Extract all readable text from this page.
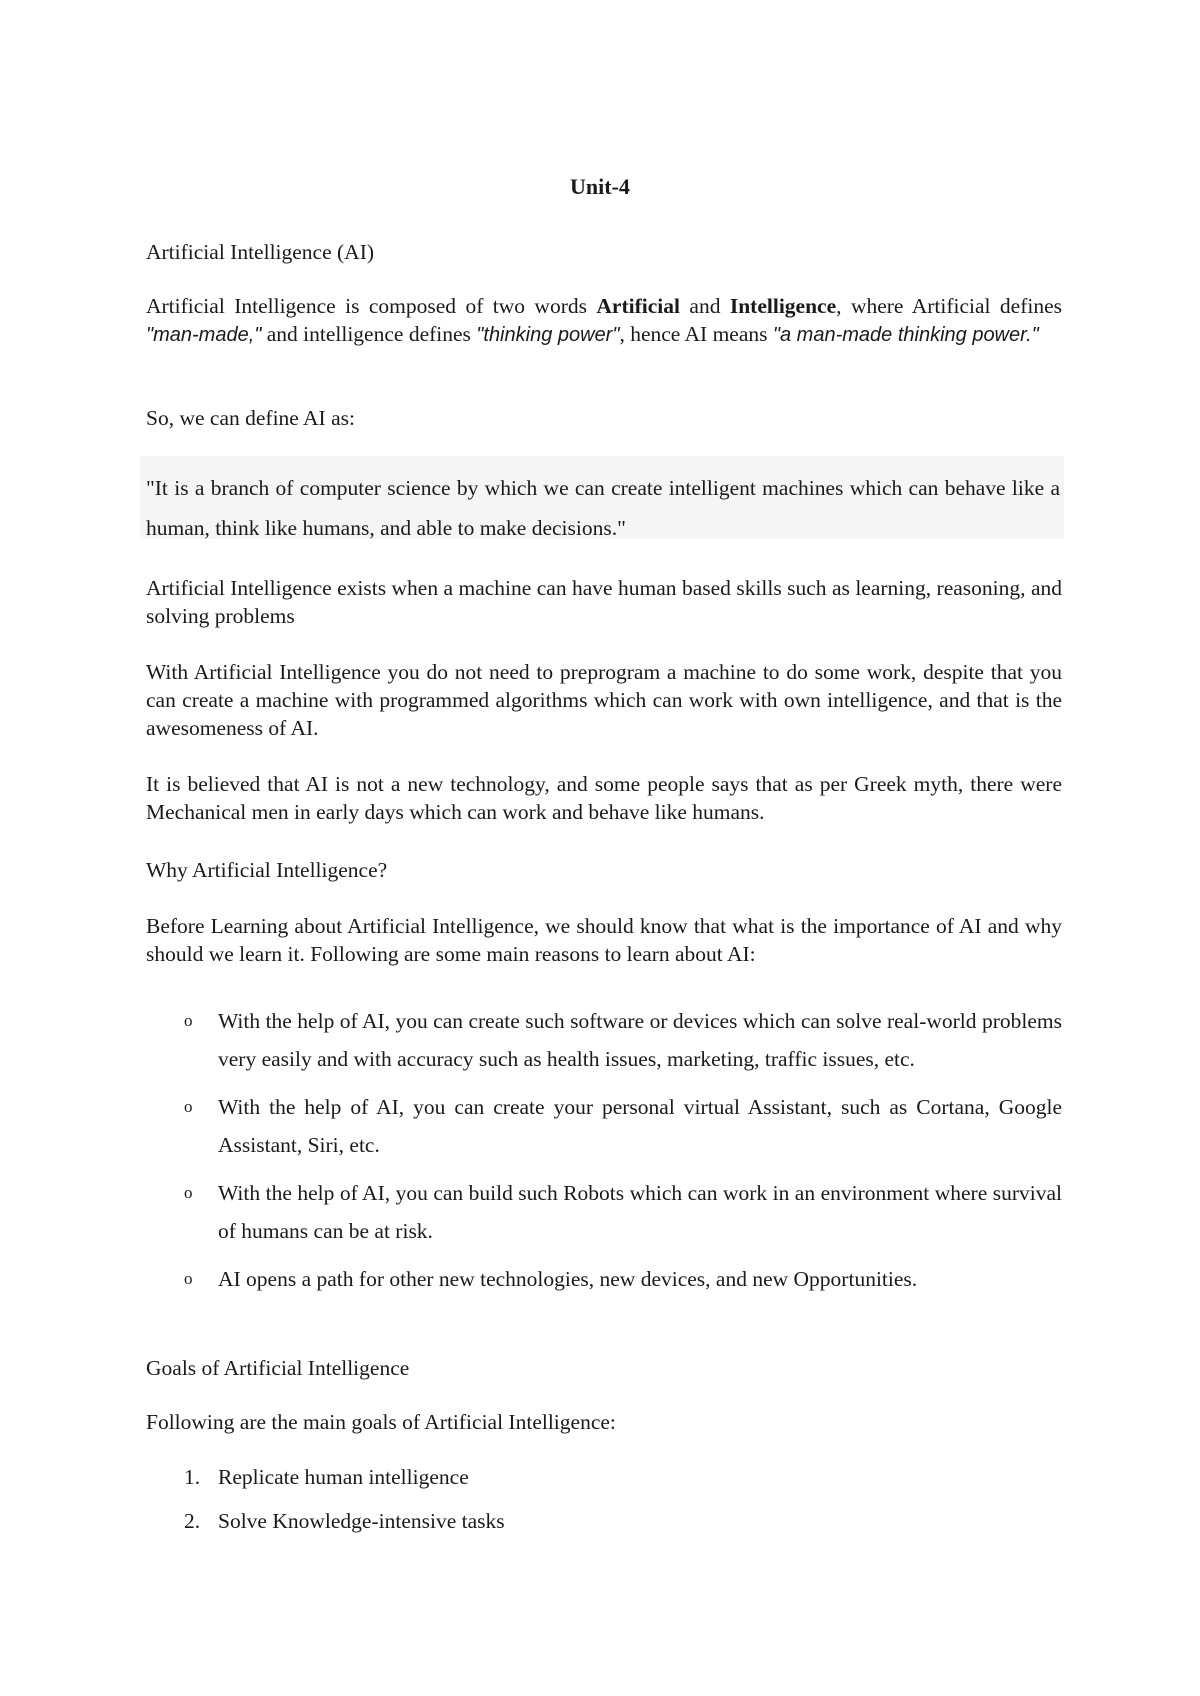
Unit-4

Artificial Intelligence (AI)

Artificial Intelligence is composed of two words Artificial and Intelligence, where Artificial defines "man-made," and intelligence defines "thinking power", hence AI means "a man-made thinking power."

So, we can define AI as:

"It is a branch of computer science by which we can create intelligent machines which can behave like a human, think like humans, and able to make decisions."

Artificial Intelligence exists when a machine can have human based skills such as learning, reasoning, and solving problems

With Artificial Intelligence you do not need to preprogram a machine to do some work, despite that you can create a machine with programmed algorithms which can work with own intelligence, and that is the awesomeness of AI.

It is believed that AI is not a new technology, and some people says that as per Greek myth, there were Mechanical men in early days which can work and behave like humans.

Why Artificial Intelligence?

Before Learning about Artificial Intelligence, we should know that what is the importance of AI and why should we learn it. Following are some main reasons to learn about AI:

o With the help of AI, you can create such software or devices which can solve real-world problems very easily and with accuracy such as health issues, marketing, traffic issues, etc.
o With the help of AI, you can create your personal virtual Assistant, such as Cortana, Google Assistant, Siri, etc.
o With the help of AI, you can build such Robots which can work in an environment where survival of humans can be at risk.
o AI opens a path for other new technologies, new devices, and new Opportunities.

Goals of Artificial Intelligence

Following are the main goals of Artificial Intelligence:

1. Replicate human intelligence
2. Solve Knowledge-intensive tasks
